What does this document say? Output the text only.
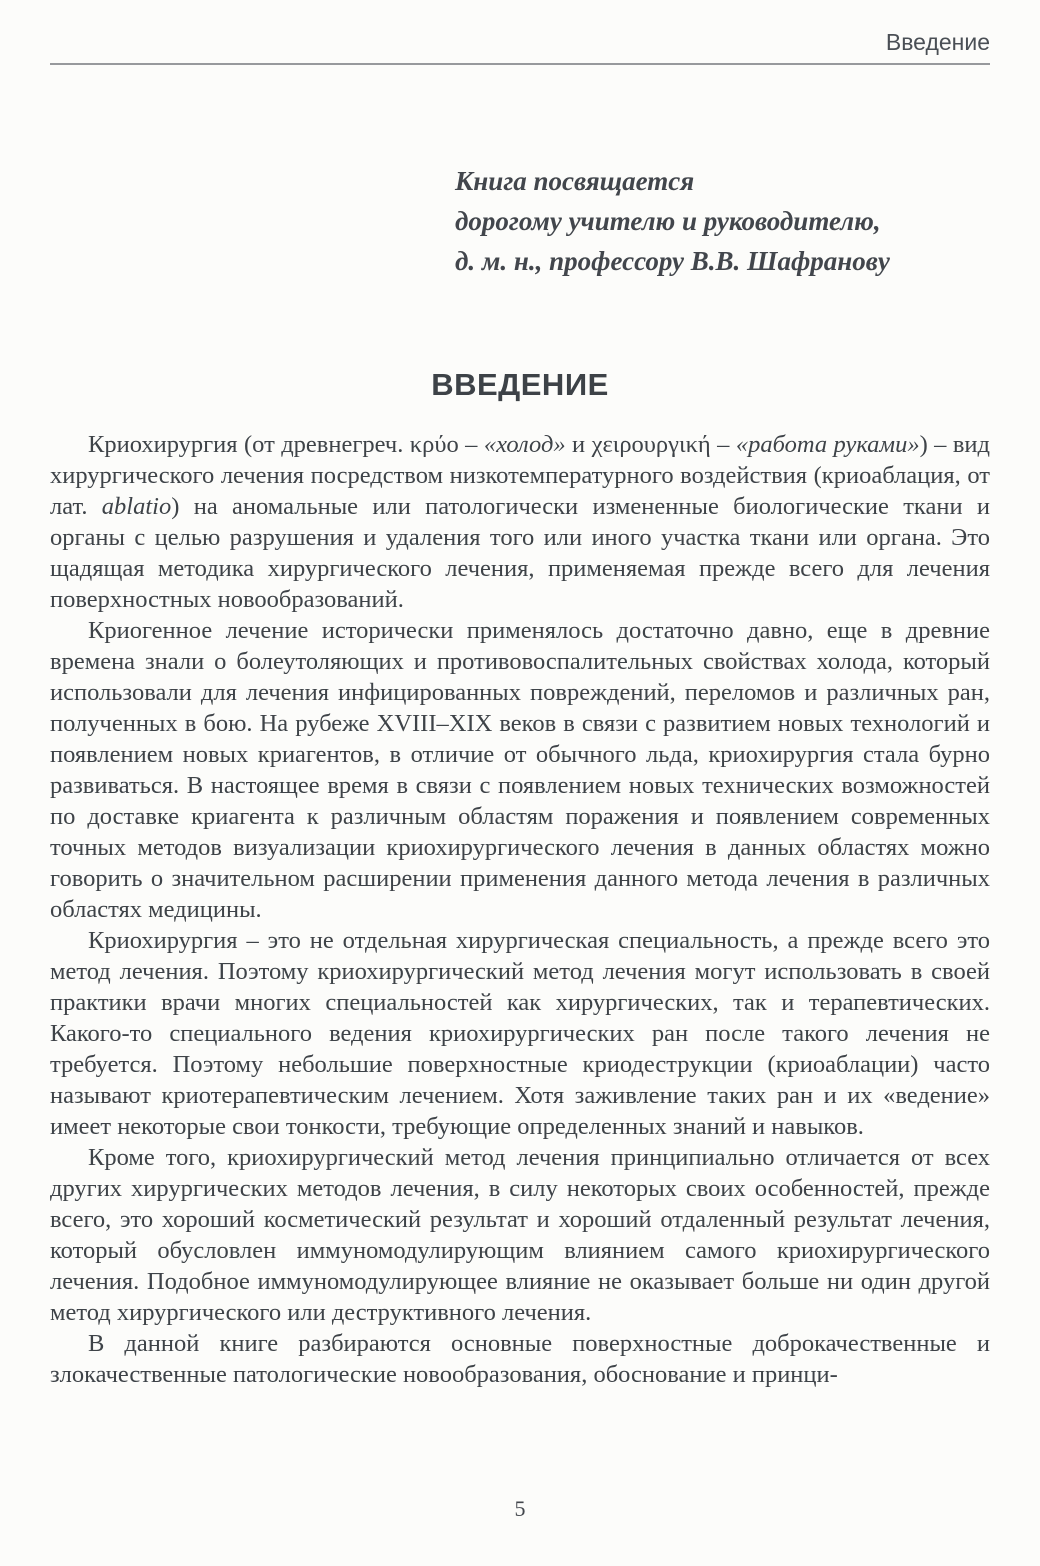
Введение
Книга посвящается
дорогому учителю и руководителю,
д. м. н., профессору В.В. Шафранову
ВВЕДЕНИЕ

Криохирургия (от древнегреч. κρύο – «холод» и χειρουργική – «работа руками») – вид хирургического лечения посредством низкотемпературного воздействия (криоаблация, от лат. ablatio) на аномальные или патологически измененные биологические ткани и органы с целью разрушения и удаления того или иного участка ткани или органа. Это щадящая методика хирургического лечения, применяемая прежде всего для лечения поверхностных новообразований.

Криогенное лечение исторически применялось достаточно давно, еще в древние времена знали о болеутоляющих и противовоспалительных свойствах холода, который использовали для лечения инфицированных повреждений, переломов и различных ран, полученных в бою. На рубеже XVIII–XIX веков в связи с развитием новых технологий и появлением новых криагентов, в отличие от обычного льда, криохирургия стала бурно развиваться. В настоящее время в связи с появлением новых технических возможностей по доставке криагента к различным областям поражения и появлением современных точных методов визуализации криохирургического лечения в данных областях можно говорить о значительном расширении применения данного метода лечения в различных областях медицины.

Криохирургия – это не отдельная хирургическая специальность, а прежде всего это метод лечения. Поэтому криохирургический метод лечения могут использовать в своей практики врачи многих специальностей как хирургических, так и терапевтических. Какого-то специального ведения криохирургических ран после такого лечения не требуется. Поэтому небольшие поверхностные криодеструкции (криоаблации) часто называют криотерапевтическим лечением. Хотя заживление таких ран и их «ведение» имеет некоторые свои тонкости, требующие определенных знаний и навыков.

Кроме того, криохирургический метод лечения принципиально отличается от всех других хирургических методов лечения, в силу некоторых своих особенностей, прежде всего, это хороший косметический результат и хороший отдаленный результат лечения, который обусловлен иммуномодулирующим влиянием самого криохирургического лечения. Подобное иммуномодулирующее влияние не оказывает больше ни один другой метод хирургического или деструктивного лечения.

В данной книге разбираются основные поверхностные доброкачественные и злокачественные патологические новообразования, обоснование и принци-

5
